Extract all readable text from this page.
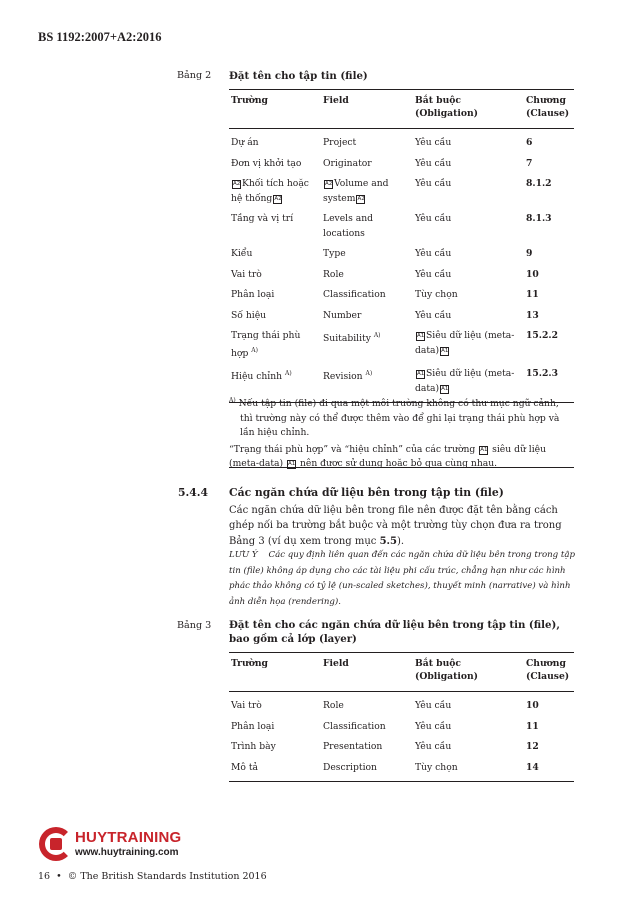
BS 1192:2007+A2:2016
Bảng 2 Đặt tên cho tập tin (file)
Trường	Field	Bắt buộc (Obligation)	Chương (Clause)
Dự án	Project	Yêu cầu	6
Đơn vị khởi tạo	Originator	Yêu cầu	7
A2 Khối tích hoặc hệ thống A2	A2 Volume and system A2	Yêu cầu	8.1.2
Tầng và vị trí	Levels and locations	Yêu cầu	8.1.3
Kiểu	Type	Yêu cầu	9
Vai trò	Role	Yêu cầu	10
Phân loại	Classification	Tùy chọn	11
Số hiệu	Number	Yêu cầu	13
Trạng thái phù hợp $^{A)}$	Suitability $^{A)}$	A1 Siêu dữ liệu (meta-data) A1	15.2.2
Hiệu chỉnh $^{A)}$	Revision $^{A)}$	A1 Siêu dữ liệu (meta-data) A1	15.2.3

$^{A)}$ Nếu tập tin (file) đi qua một môi trường không có thư mục ngữ cảnh, thì trường này có thể được thêm vào để ghi lại trạng thái phù hợp và lần hiệu chỉnh.

“Trạng thái phù hợp” và “hiệu chỉnh” của các trường A1 siêu dữ liệu (meta-data) A1 nên được sử dụng hoặc bỏ qua cùng nhau.

5.4.4 Các ngăn chứa dữ liệu bên trong tập tin (file)

Các ngăn chứa dữ liệu bên trong file nên được đặt tên bằng cách ghép nối ba trường bắt buộc và một trường tùy chọn đưa ra trong Bảng 3 (ví dụ xem trong mục 5.5).

LƯU Ý Các quy định liên quan đến các ngăn chứa dữ liệu bên trong trong tập tin (file) không áp dụng cho các tài liệu phi cấu trúc, chẳng hạn như các hình phác thảo không có tỷ lệ (un-scaled sketches), thuyết minh (narrative) và hình ảnh diễn họa (rendering).

Bảng 3 Đặt tên cho các ngăn chứa dữ liệu bên trong tập tin (file), bao gồm cả lớp (layer)
Trường	Field	Bắt buộc (Obligation)	Chương (Clause)
Vai trò	Role	Yêu cầu	10
Phân loại	Classification	Yêu cầu	11
Trình bày	Presentation	Yêu cầu	12
Mô tả	Description	Tùy chọn	14
HUYTRAINING
www.huytraining.com
16 • © The British Standards Institution 2016
